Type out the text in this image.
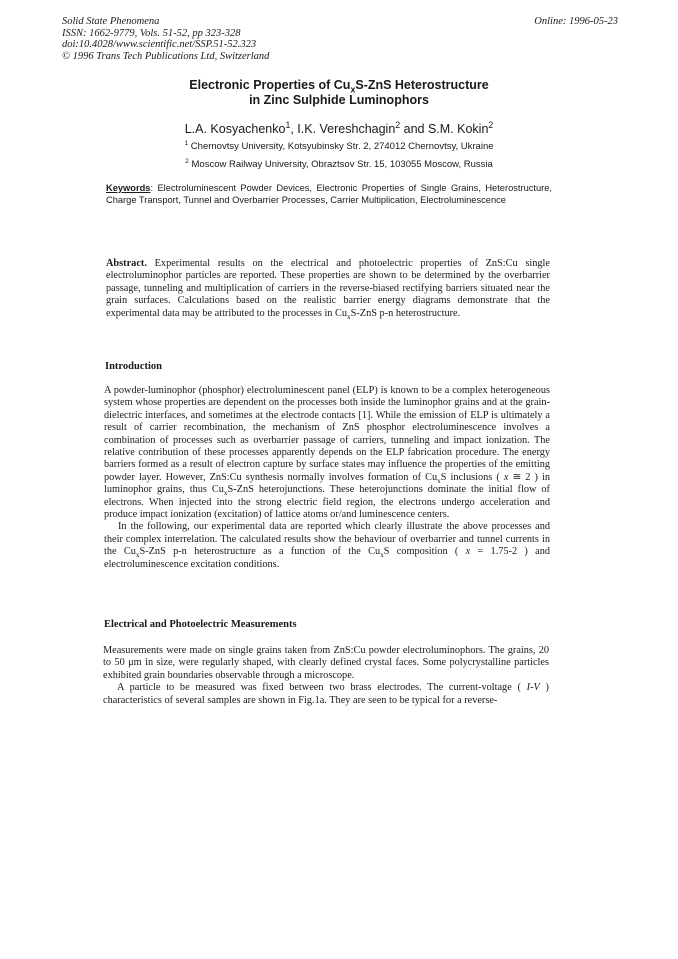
Solid State Phenomena
ISSN: 1662-9779, Vols. 51-52, pp 323-328
doi:10.4028/www.scientific.net/SSP.51-52.323
© 1996 Trans Tech Publications Ltd, Switzerland
Online: 1996-05-23
Electronic Properties of $Cu_xS$-ZnS Heterostructure
in Zinc Sulphide Luminophors
L.A. Kosyachenko$^1$, I.K. Vereshchagin$^2$ and S.M. Kokin$^2$
$^1$ Chernovtsy University, Kotsyubinsky Str. 2, 274012 Chernovtsy, Ukraine
$^2$ Moscow Railway University, Obraztsov Str. 15, 103055 Moscow, Russia
Keywords: Electroluminescent Powder Devices, Electronic Properties of Single Grains, Heterostructure, Charge Transport, Tunnel and Overbarrier Processes, Carrier Multiplication, Electroluminescence
Abstract. Experimental results on the electrical and photoelectric properties of ZnS:Cu single electroluminophor particles are reported. These properties are shown to be determined by the overbarrier passage, tunneling and multiplication of carriers in the reverse-biased rectifying barriers situated near the grain surfaces. Calculations based on the realistic barrier energy diagrams demonstrate that the experimental data may be attributed to the processes in $Cu_xS$-ZnS p-n heterostructure.
Introduction

A powder-luminophor (phosphor) electroluminescent panel (ELP) is known to be a complex heterogeneous system whose properties are dependent on the processes both inside the luminophor grains and at the grain-dielectric interfaces, and sometimes at the electrode contacts [1]. While the emission of ELP is ultimately a result of carrier recombination, the mechanism of ZnS phosphor electroluminescence involves a combination of processes such as overbarrier passage of carriers, tunneling and impact ionization. The relative contribution of these processes apparently depends on the ELP fabrication procedure. The energy barriers formed as a result of electron capture by surface states may influence the properties of the emitting powder layer. However, ZnS:Cu synthesis normally involves formation of $Cu_xS$ inclusions ( x ≅ 2 ) in luminophor grains, thus $Cu_xS$-ZnS heterojunctions. These heterojunctions dominate the initial flow of electrons. When injected into the strong electric field region, the electrons undergo acceleration and produce impact ionization (excitation) of lattice atoms or/and luminescence centers.

In the following, our experimental data are reported which clearly illustrate the above processes and their complex interrelation. The calculated results show the behaviour of overbarrier and tunnel currents in the $Cu_xS$-ZnS p-n heterostructure as a function of the $Cu_xS$ composition ( x = 1.75-2 ) and electroluminescence excitation conditions.

Electrical and Photoelectric Measurements

Measurements were made on single grains taken from ZnS:Cu powder electroluminophors. The grains, 20 to 50 μm in size, were regularly shaped, with clearly defined crystal faces. Some polycrystalline particles exhibited grain boundaries observable through a microscope.

A particle to be measured was fixed between two brass electrodes. The current-voltage ( I-V ) characteristics of several samples are shown in Fig.1a. They are seen to be typical for a reverse-
